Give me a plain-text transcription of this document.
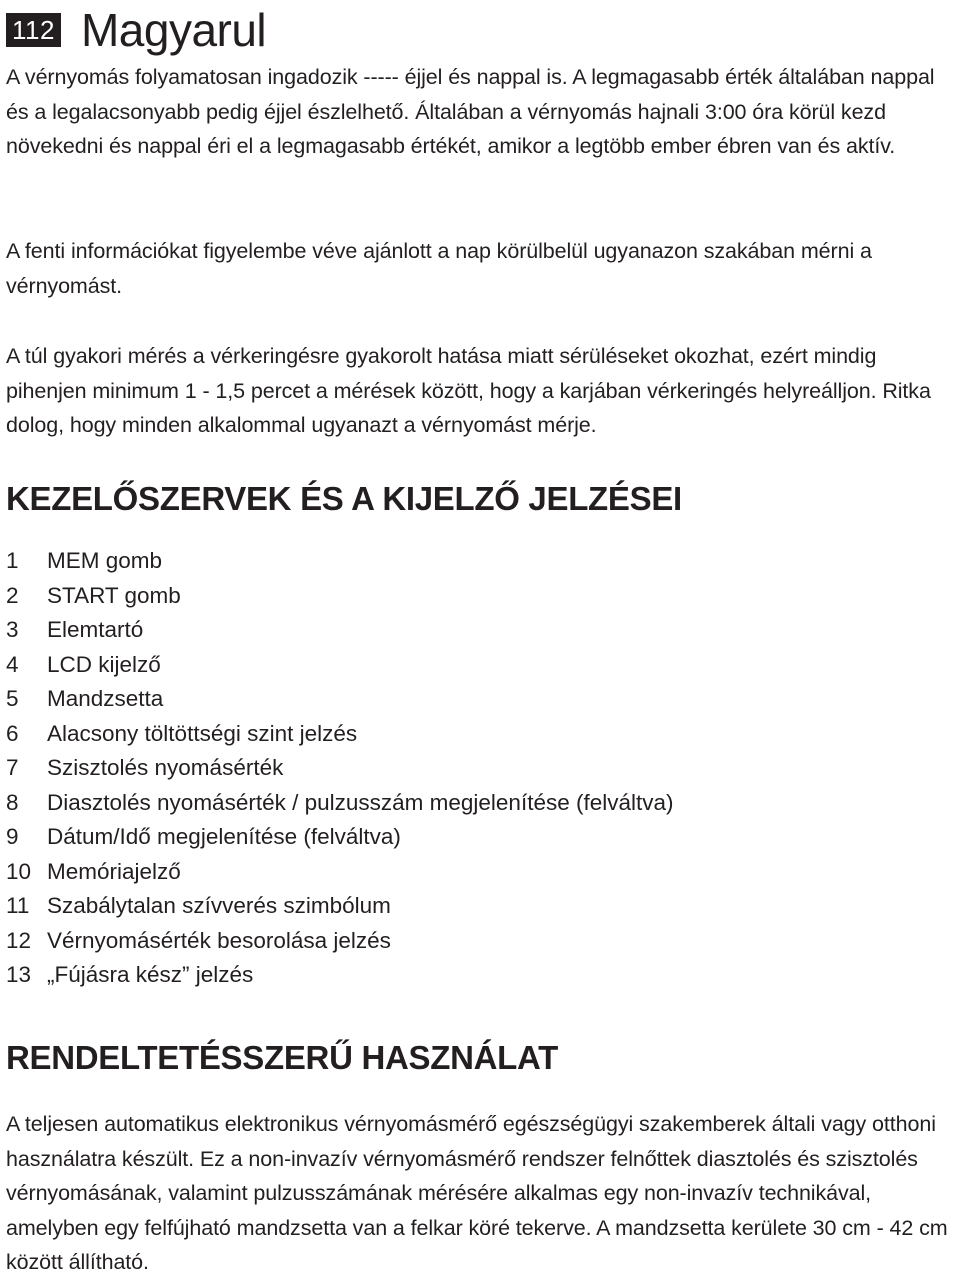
112 Magyarul

A vérnyomás folyamatosan ingadozik ----- éjjel és nappal is. A legmagasabb érték általában nappal és a legalacsonyabb pedig éjjel észlelhető. Általában a vérnyomás hajnali 3:00 óra körül kezd növekedni és nappal éri el a legmagasabb értékét, amikor a legtöbb ember ébren van és aktív.

A fenti információkat figyelembe véve ajánlott a nap körülbelül ugyanazon szakában mérni a vérnyomást.

A túl gyakori mérés a vérkeringésre gyakorolt hatása miatt sérüléseket okozhat, ezért mindig pihenjen minimum 1 - 1,5 percet a mérések között, hogy a karjában vérkeringés helyreálljon. Ritka dolog, hogy minden alkalommal ugyanazt a vérnyomást mérje.

KEZELŐSZERVEK ÉS A KIJELZŐ JELZÉSEI
1	MEM gomb
2	START gomb
3	Elemtartó
4	LCD kijelző
5	Mandzsetta
6	Alacsony töltöttségi szint jelzés
7	Szisztolés nyomásérték
8	Diasztolés nyomásérték / pulzusszám megjelenítése (felváltva)
9	Dátum/Idő megjelenítése (felváltva)
10 Memóriajelző
11 Szabálytalan szívverés szimbólum
12 Vérnyomásérték besorolása jelzés
13 „Fújásra kész” jelzés
RENDELTETÉSSZERŰ HASZNÁLAT

A teljesen automatikus elektronikus vérnyomásmérő egészségügyi szakemberek általi vagy otthoni használatra készült. Ez a non-invazív vérnyomásmérő rendszer felnőttek diasztolés és szisztolés vérnyomásának, valamint pulzusszámának mérésére alkalmas egy non-invazív technikával, amelyben egy felfújható mandzsetta van a felkar köré tekerve. A mandzsetta kerülete 30 cm - 42 cm között állítható.
